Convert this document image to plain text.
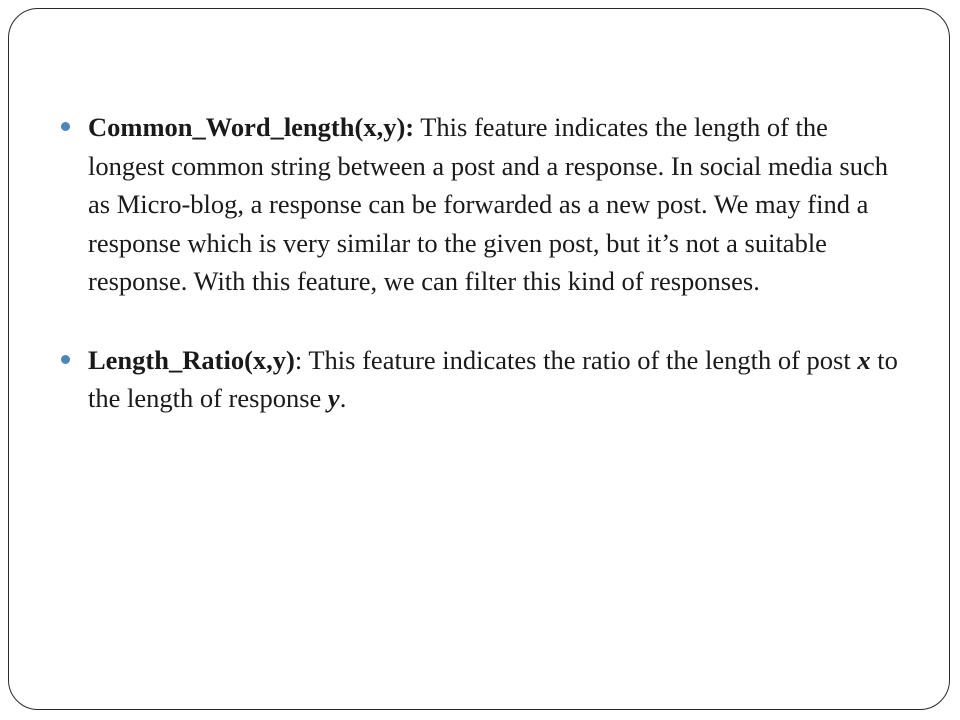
Common_Word_length(x,y): This feature indicates the length of the longest common string between a post and a response. In social media such as Micro-blog, a response can be forwarded as a new post. We may find a response which is very similar to the given post, but it’s not a suitable response. With this feature, we can filter this kind of responses.

Length_Ratio(x,y): This feature indicates the ratio of the length of post x to the length of response y.
